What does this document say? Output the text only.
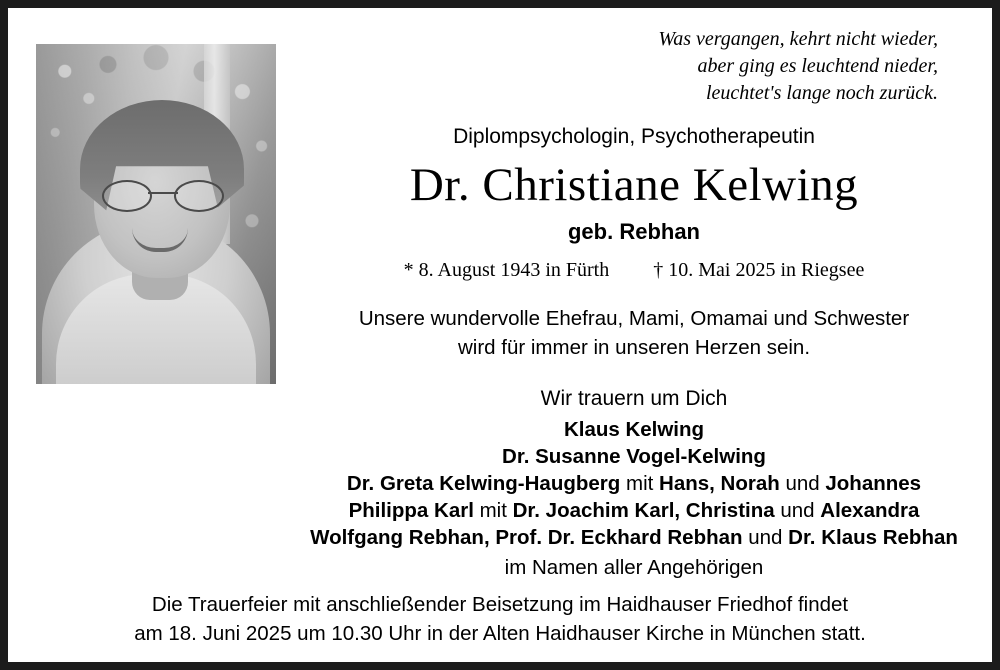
Was vergangen, kehrt nicht wieder,
aber ging es leuchtend nieder,
leuchtet's lange noch zurück.
Diplompsychologin, Psychotherapeutin
Dr. Christiane Kelwing
geb. Rebhan
* 8. August 1943 in Fürth † 10. Mai 2025 in Riegsee
Unsere wundervolle Ehefrau, Mami, Omamai und Schwester
wird für immer in unseren Herzen sein.
Wir trauern um Dich
Klaus Kelwing
Dr. Susanne Vogel-Kelwing
Dr. Greta Kelwing-Haugberg mit Hans, Norah und Johannes
Philippa Karl mit Dr. Joachim Karl, Christina und Alexandra
Wolfgang Rebhan, Prof. Dr. Eckhard Rebhan und Dr. Klaus Rebhan
im Namen aller Angehörigen
Die Trauerfeier mit anschließender Beisetzung im Haidhauser Friedhof findet
am 18. Juni 2025 um 10.30 Uhr in der Alten Haidhauser Kirche in München statt.
